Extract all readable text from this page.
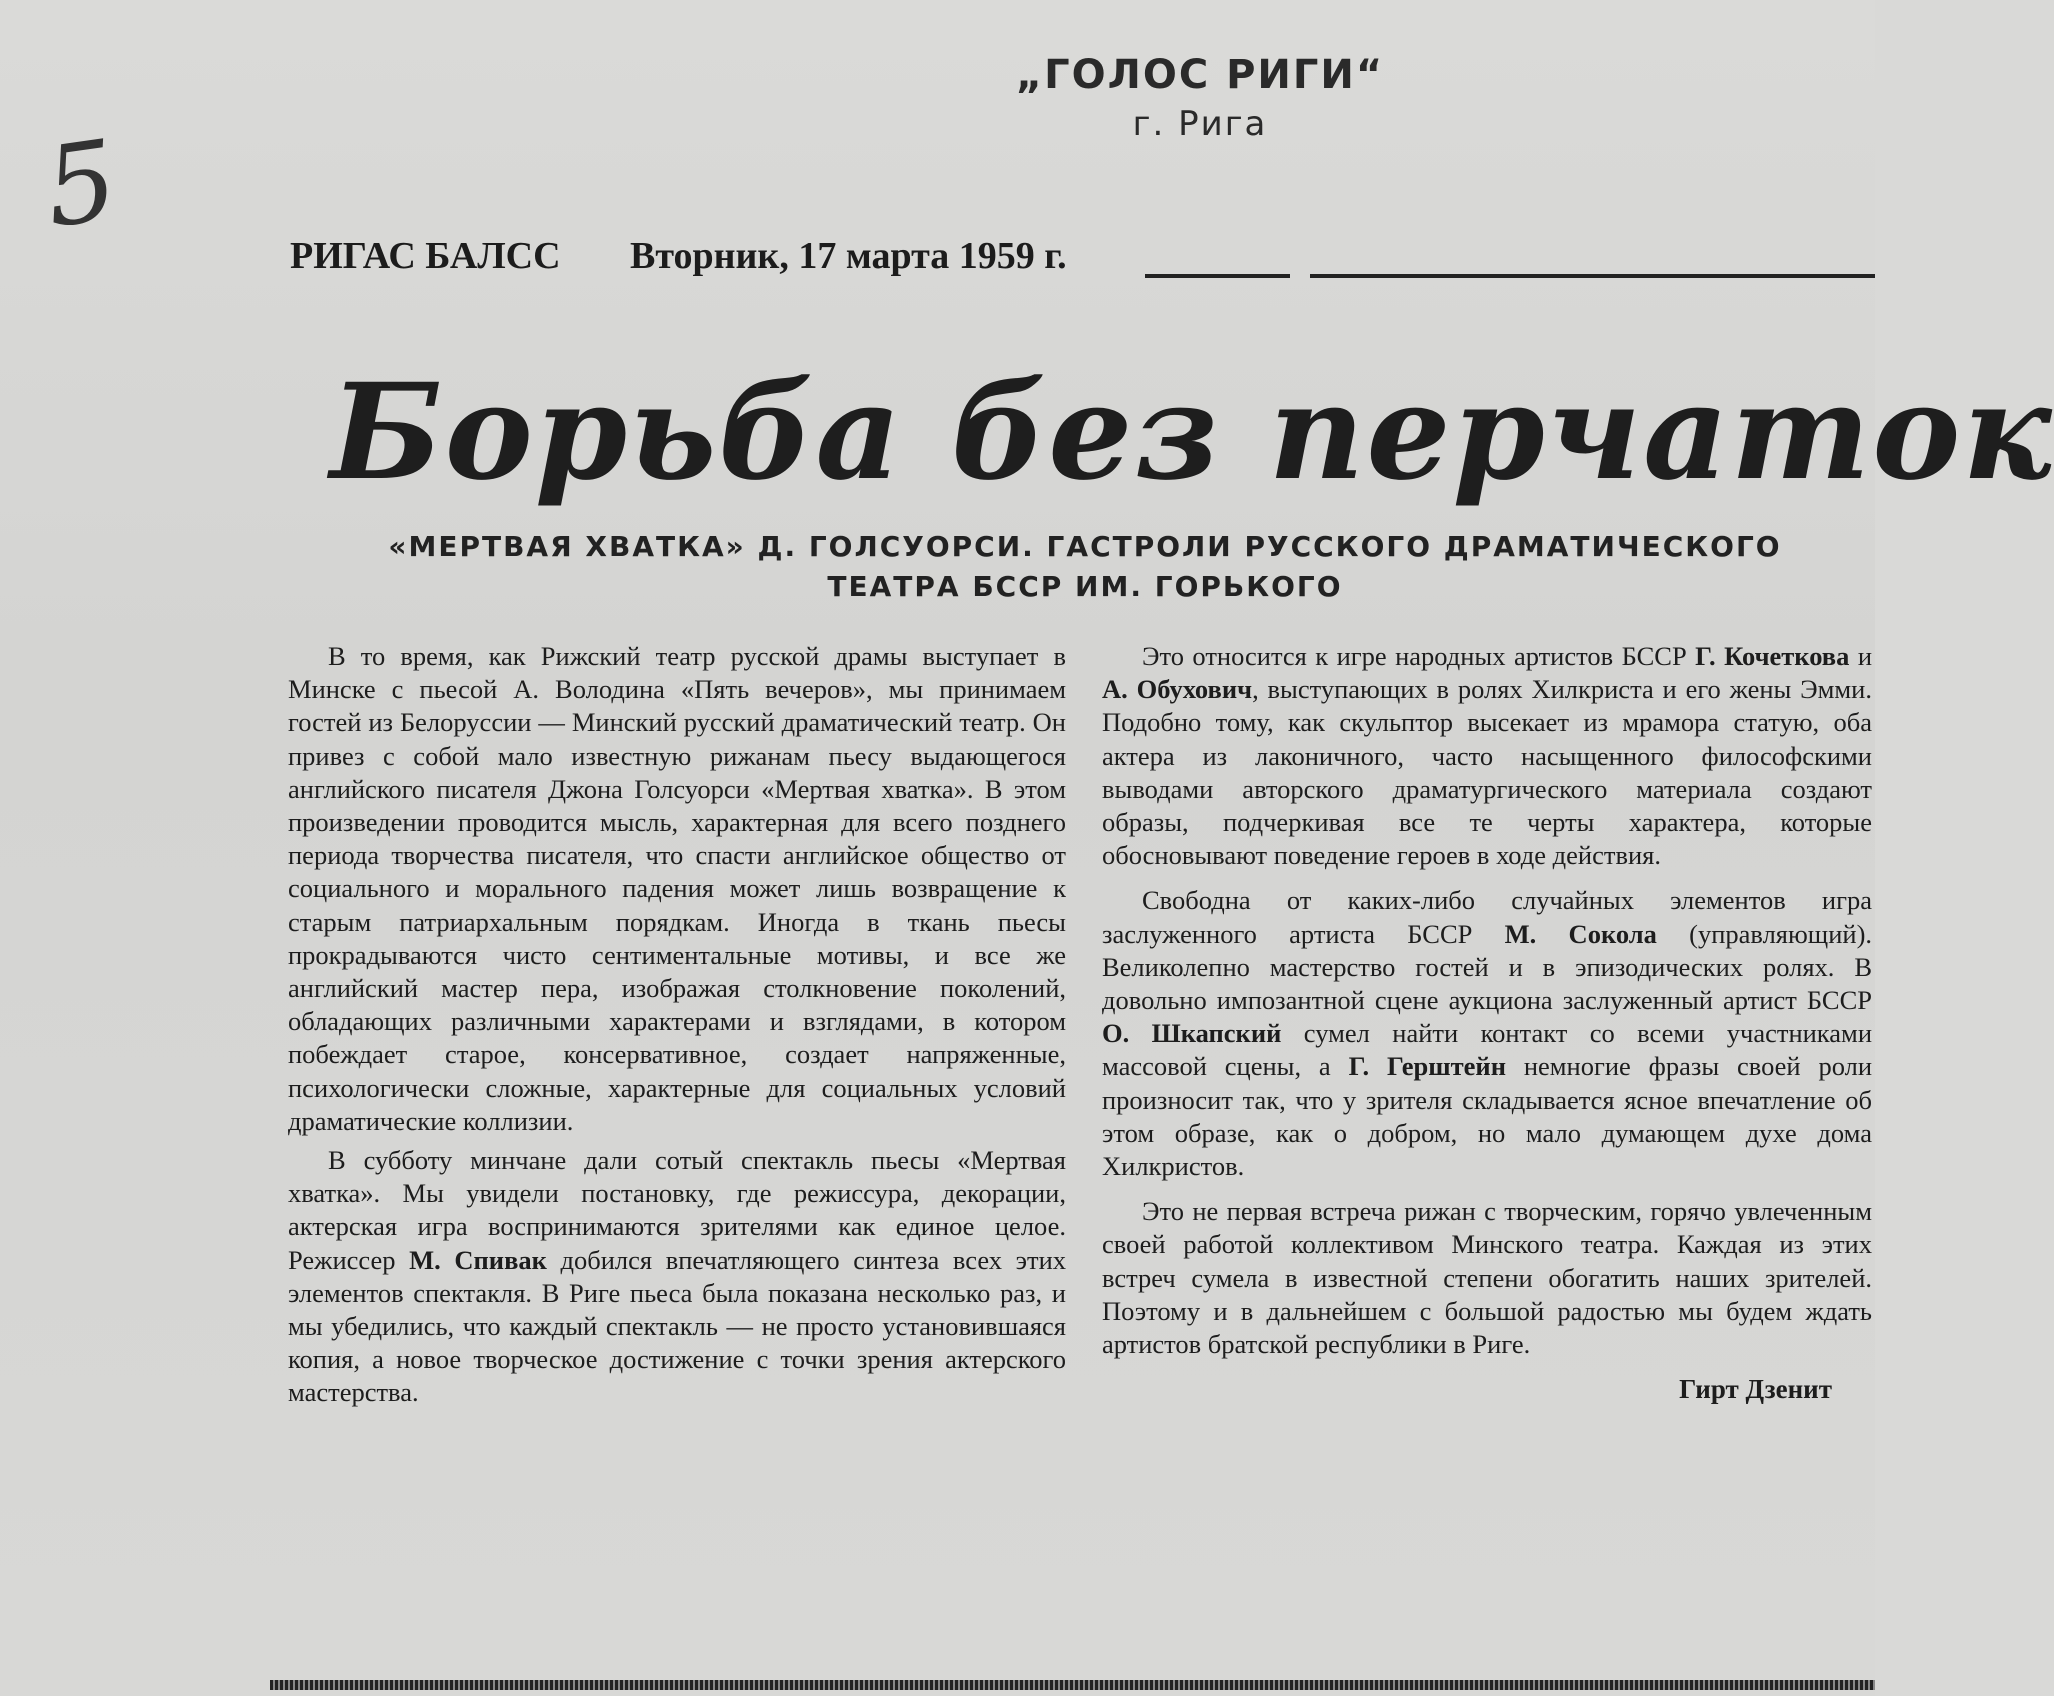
5
„ГОЛОС РИГИ“
г. Рига
РИГАС БАЛСС Вторник, 17 марта 1959 г.
Борьба без перчаток
«МЕРТВАЯ ХВАТКА» Д. ГОЛСУОРСИ. ГАСТРОЛИ РУССКОГО ДРАМАТИЧЕСКОГО
ТЕАТРА БССР ИМ. ГОРЬКОГО

В то время, как Рижский театр русской драмы выступает в Минске с пьесой А. Володина «Пять вечеров», мы принимаем гостей из Белоруссии — Минский русский драматический театр. Он привез с собой мало известную рижанам пьесу выдающегося английского писателя Джона Голсуорси «Мертвая хватка». В этом произведении проводится мысль, характерная для всего позднего периода творчества писателя, что спасти английское общество от социального и морального падения может лишь возвращение к старым патриархальным порядкам. Иногда в ткань пьесы прокрадываются чисто сентиментальные мотивы, и все же английский мастер пера, изображая столкновение поколений, обладающих различными характерами и взглядами, в котором побеждает старое, консервативное, создает напряженные, психологически сложные, характерные для социальных условий драматические коллизии.

В субботу минчане дали сотый спектакль пьесы «Мертвая хватка». Мы увидели постановку, где режиссура, декорации, актерская игра воспринимаются зрителями как единое целое. Режиссер М. Спивак добился впечатляющего синтеза всех этих элементов спектакля. В Риге пьеса была показана несколько раз, и мы убедились, что каждый спектакль — не просто установившаяся копия, а новое творческое достижение с точки зрения актерского мастерства.

Это относится к игре народных артистов БССР Г. Кочеткова и А. Обухович, выступающих в ролях Хилкриста и его жены Эмми. Подобно тому, как скульптор высекает из мрамора статую, оба актера из лаконичного, часто насыщенного философскими выводами авторского драматургического материала создают образы, подчеркивая все те черты характера, которые обосновывают поведение героев в ходе действия.

Свободна от каких-либо случайных элементов игра заслуженного артиста БССР М. Сокола (управляющий). Великолепно мастерство гостей и в эпизодических ролях. В довольно импозантной сцене аукциона заслуженный артист БССР О. Шкапский сумел найти контакт со всеми участниками массовой сцены, а Г. Герштейн немногие фразы своей роли произносит так, что у зрителя складывается ясное впечатление об этом образе, как о добром, но мало думающем духе дома Хилкристов.

Это не первая встреча рижан с творческим, горячо увлеченным своей работой коллективом Минского театра. Каждая из этих встреч сумела в известной степени обогатить наших зрителей. Поэтому и в дальнейшем с большой радостью мы будем ждать артистов братской республики в Риге.

Гирт Дзенит
